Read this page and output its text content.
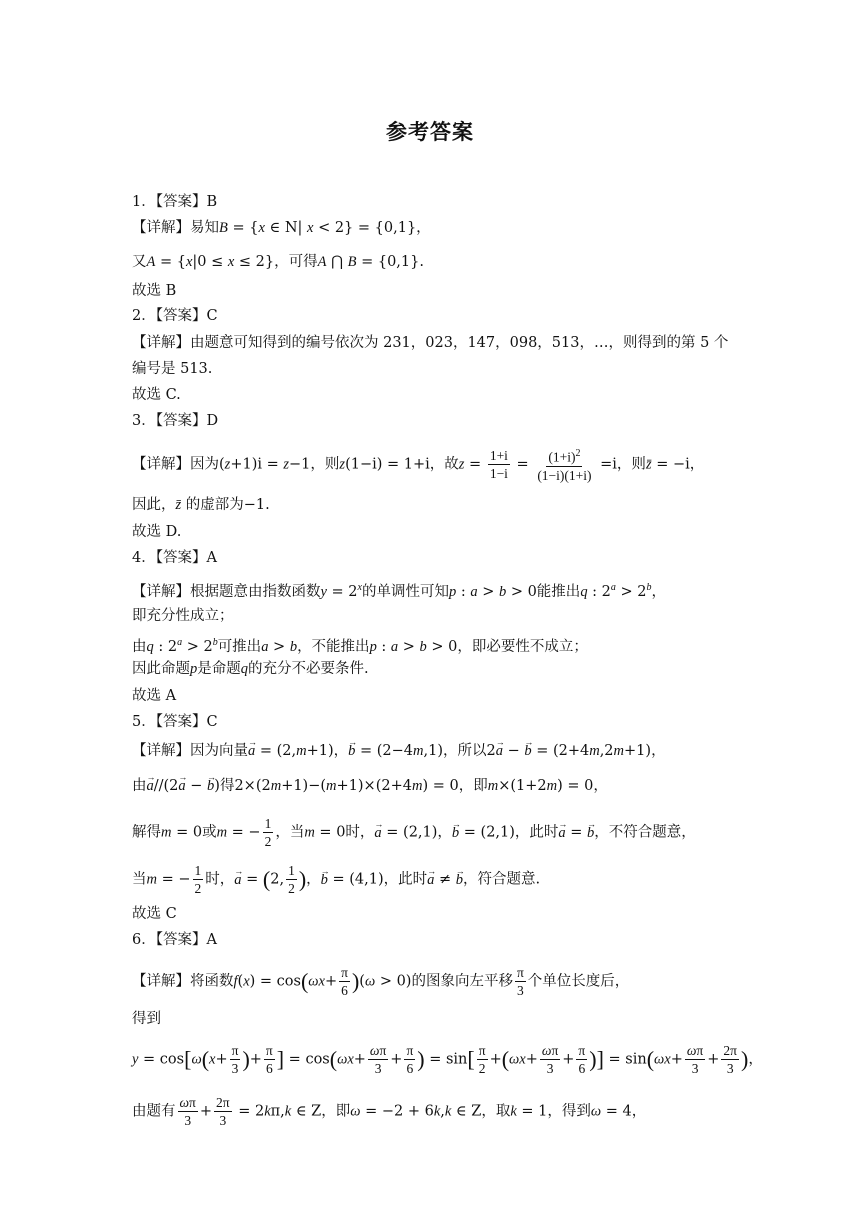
参考答案
1．【答案】B
【详解】易知B = {x ∈ N| x < 2} = {0,1}，
又A = {x|0 ≤ x ≤ 2}，可得A ⋂ B = {0,1}.
故选 B
2．【答案】C
【详解】由题意可知得到的编号依次为 231，023，147，098，513，…，则得到的第 5 个
编号是 513.
故选 C.
3．【答案】D
【详解】因为(z+1)i = z−1，则z(1−i) = 1+i，故$z = \frac{1+i}{1-i} = \frac{(1+i)^2}{(1-i)(1+i)} =i$，则z̄ = −i，
因此，z̄ 的虚部为−1.
故选 D.
4．【答案】A
【详解】根据题意由指数函数$y = 2^x$的单调性可知p : a > b > 0能推出q : $2^a > 2^b$，
即充分性成立；
由q : $2^a > 2^b$可推出a > b，不能推出p : a > b > 0，即必要性不成立；
因此命题p是命题q的充分不必要条件.
故选 A
5．【答案】C
【详解】因为向量→ a = (2,m+1)，→ b = (2−4m,1)，所以2→ a − → b = (2+4m,2m+1)，
由→ a//(2→ a − → b)得2×(2m+1)−(m+1)×(2+4m) = 0，即m×(1+2m) = 0，
解得m = 0或m = − $\frac{1}{2}$ ，当m = 0时，→ a = (2,1)，→ b = (2,1)，此时→ a = → b，不符合题意，
当m = − $\frac{1}{2}$ 时，→ a = (2, $\frac{1}{2}$ )，→ b = (4,1)，此时→ a ≠ → b，符合题意.
故选 C
6．【答案】A
【详解】将函数$f(x) = \cos(\omega x+ \frac{\pi}{6} )(\omega > 0)$的图象向左平移 $\frac{\pi}{3}$ 个单位长度后，
得到
$y = \cos[\omega(x+ \frac{\pi}{3}$ )+ $\frac{\pi}{6}$ ] = $\cos(\omega x+ \frac{\omega\pi}{3} + \frac{\pi}{6}$ ) = $\sin[ \frac{\pi}{2} +(\omega x+ \frac{\omega\pi}{3} + \frac{\pi}{6}$ )] = $\sin(\omega x+ \frac{\omega\pi}{3} + \frac{2\pi}{3}$ )，
由题有 $\frac{\omega\pi}{3} + \frac{2\pi}{3} = 2k\pi,k$ ∈ Z，即ω = −2 + 6k,k ∈ Z，取k = 1，得到ω = 4，
